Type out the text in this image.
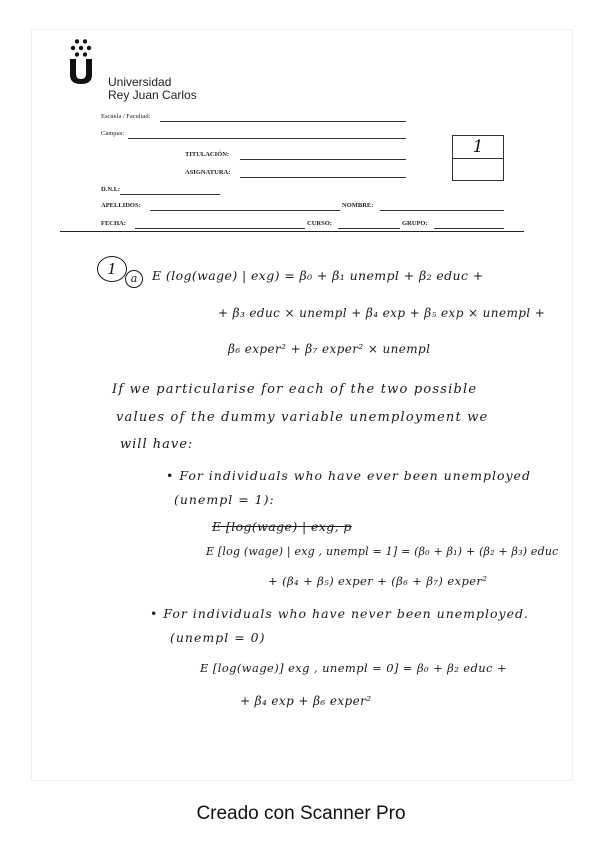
Universidad
Rey Juan Carlos
Escuela / Facultad:
Campus:
TITULACIÓN:
ASIGNATURA:
1
D.N.I.:
APELLIDOS:	NOMBRE:
FECHA:	CURSO:	GRUPO:
1
a	E (log(wage) | exg) = β₀ + β₁ unempl + β₂ educ +
+ β₃ educ × unempl + β₄ exp + β₅ exp × unempl +
β₆ exper² + β₇ exper² × unempl
If we particularise for each of the two possible
values of the dummy variable unemployment we
will have:
• For individuals who have ever been unemployed
(unempl = 1):
E [log(wage) | exg, p
E [log (wage) | exg , unempl = 1] = (β₀ + β₁) + (β₂ + β₃) educ
+ (β₄ + β₅) exper + (β₆ + β₇) exper²
• For individuals who have never been unemployed.
(unempl = 0)
E [log(wage)] exg , unempl = 0] = β₀ + β₂ educ +
+ β₄ exp + β₆ exper²
Creado con Scanner Pro
